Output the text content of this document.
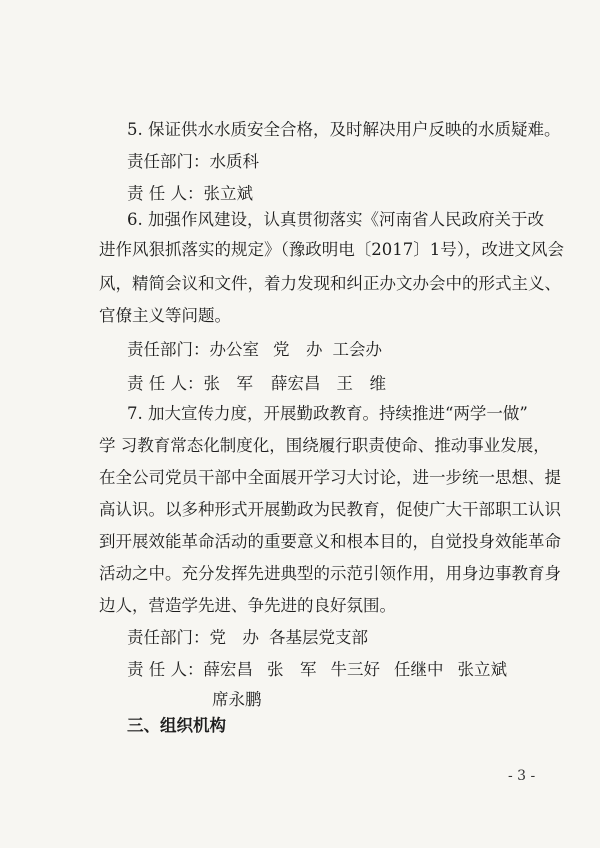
5. 保证供水水质安全合格，及时解决用户反映的水质疑难。
责任部门：水质科
责 任 人：张立斌
6. 加强作风建设，认真贯彻落实《河南省人民政府关于改
进作风狠抓落实的规定》（豫政明电〔2017〕1号），改进文风会
风，精简会议和文件，着力发现和纠正办文办会中的形式主义、
官僚主义等问题。
责任部门：办公室 党　办 工会办
责 任 人：张　军 薛宏昌 王　维
7. 加大宣传力度，开展勤政教育。持续推进“两学一做”
学 习教育常态化制度化，围绕履行职责使命、推动事业发展，
在全公司党员干部中全面展开学习大讨论，进一步统一思想、提
高认识。以多种形式开展勤政为民教育，促使广大干部职工认识
到开展效能革命活动的重要意义和根本目的，自觉投身效能革命
活动之中。充分发挥先进典型的示范引领作用，用身边事教育身
边人，营造学先进、争先进的良好氛围。
责任部门：党　办 各基层党支部
责 任 人：薛宏昌 张　军 牛三好 任继中 张立斌
席永鹏
三、组织机构
- 3 -
